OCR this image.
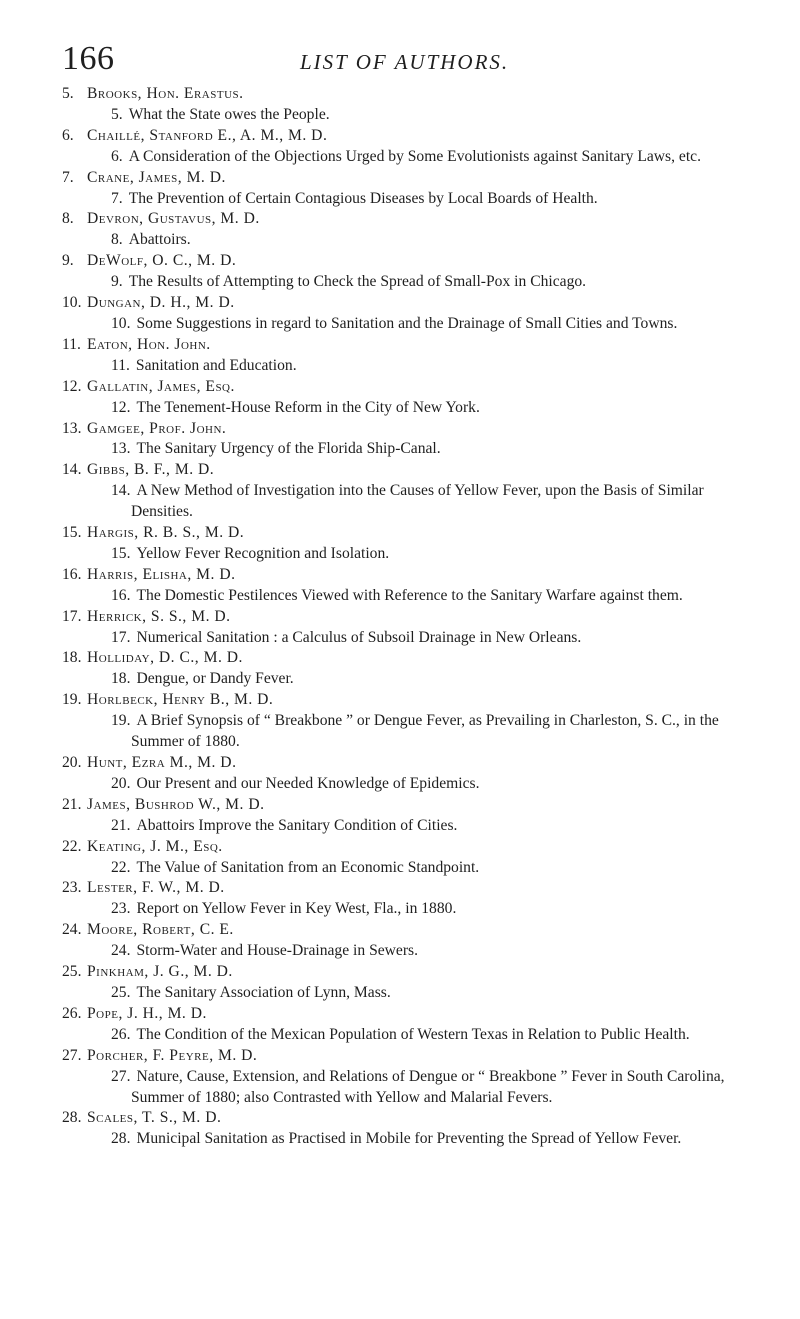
166	LIST OF AUTHORS.
5. Brooks, Hon. Erastus.
5. What the State owes the People.
6. Chaillé, Stanford E., A. M., M. D.
6. A Consideration of the Objections Urged by Some Evolutionists against Sanitary Laws, etc.
7. Crane, James, M. D.
7. The Prevention of Certain Contagious Diseases by Local Boards of Health.
8. Devron, Gustavus, M. D.
8. Abattoirs.
9. DeWolf, O. C., M. D.
9. The Results of Attempting to Check the Spread of Small-Pox in Chicago.
10. Dungan, D. H., M. D.
10. Some Suggestions in regard to Sanitation and the Drainage of Small Cities and Towns.
11. Eaton, Hon. John.
11. Sanitation and Education.
12. Gallatin, James, Esq.
12. The Tenement-House Reform in the City of New York.
13. Gamgee, Prof. John.
13. The Sanitary Urgency of the Florida Ship-Canal.
14. Gibbs, B. F., M. D.
14. A New Method of Investigation into the Causes of Yellow Fever, upon the Basis of Similar Densities.
15. Hargis, R. B. S., M. D.
15. Yellow Fever Recognition and Isolation.
16. Harris, Elisha, M. D.
16. The Domestic Pestilences Viewed with Reference to the Sanitary Warfare against them.
17. Herrick, S. S., M. D.
17. Numerical Sanitation : a Calculus of Subsoil Drainage in New Orleans.
18. Holliday, D. C., M. D.
18. Dengue, or Dandy Fever.
19. Horlbeck, Henry B., M. D.
19. A Brief Synopsis of “ Breakbone ” or Dengue Fever, as Prevailing in Charleston, S. C., in the Summer of 1880.
20. Hunt, Ezra M., M. D.
20. Our Present and our Needed Knowledge of Epidemics.
21. James, Bushrod W., M. D.
21. Abattoirs Improve the Sanitary Condition of Cities.
22. Keating, J. M., Esq.
22. The Value of Sanitation from an Economic Standpoint.
23. Lester, F. W., M. D.
23. Report on Yellow Fever in Key West, Fla., in 1880.
24. Moore, Robert, C. E.
24. Storm-Water and House-Drainage in Sewers.
25. Pinkham, J. G., M. D.
25. The Sanitary Association of Lynn, Mass.
26. Pope, J. H., M. D.
26. The Condition of the Mexican Population of Western Texas in Relation to Public Health.
27. Porcher, F. Peyre, M. D.
27. Nature, Cause, Extension, and Relations of Dengue or “ Breakbone ” Fever in South Carolina, Summer of 1880; also Contrasted with Yellow and Malarial Fevers.
28. Scales, T. S., M. D.
28. Municipal Sanitation as Practised in Mobile for Preventing the Spread of Yellow Fever.
